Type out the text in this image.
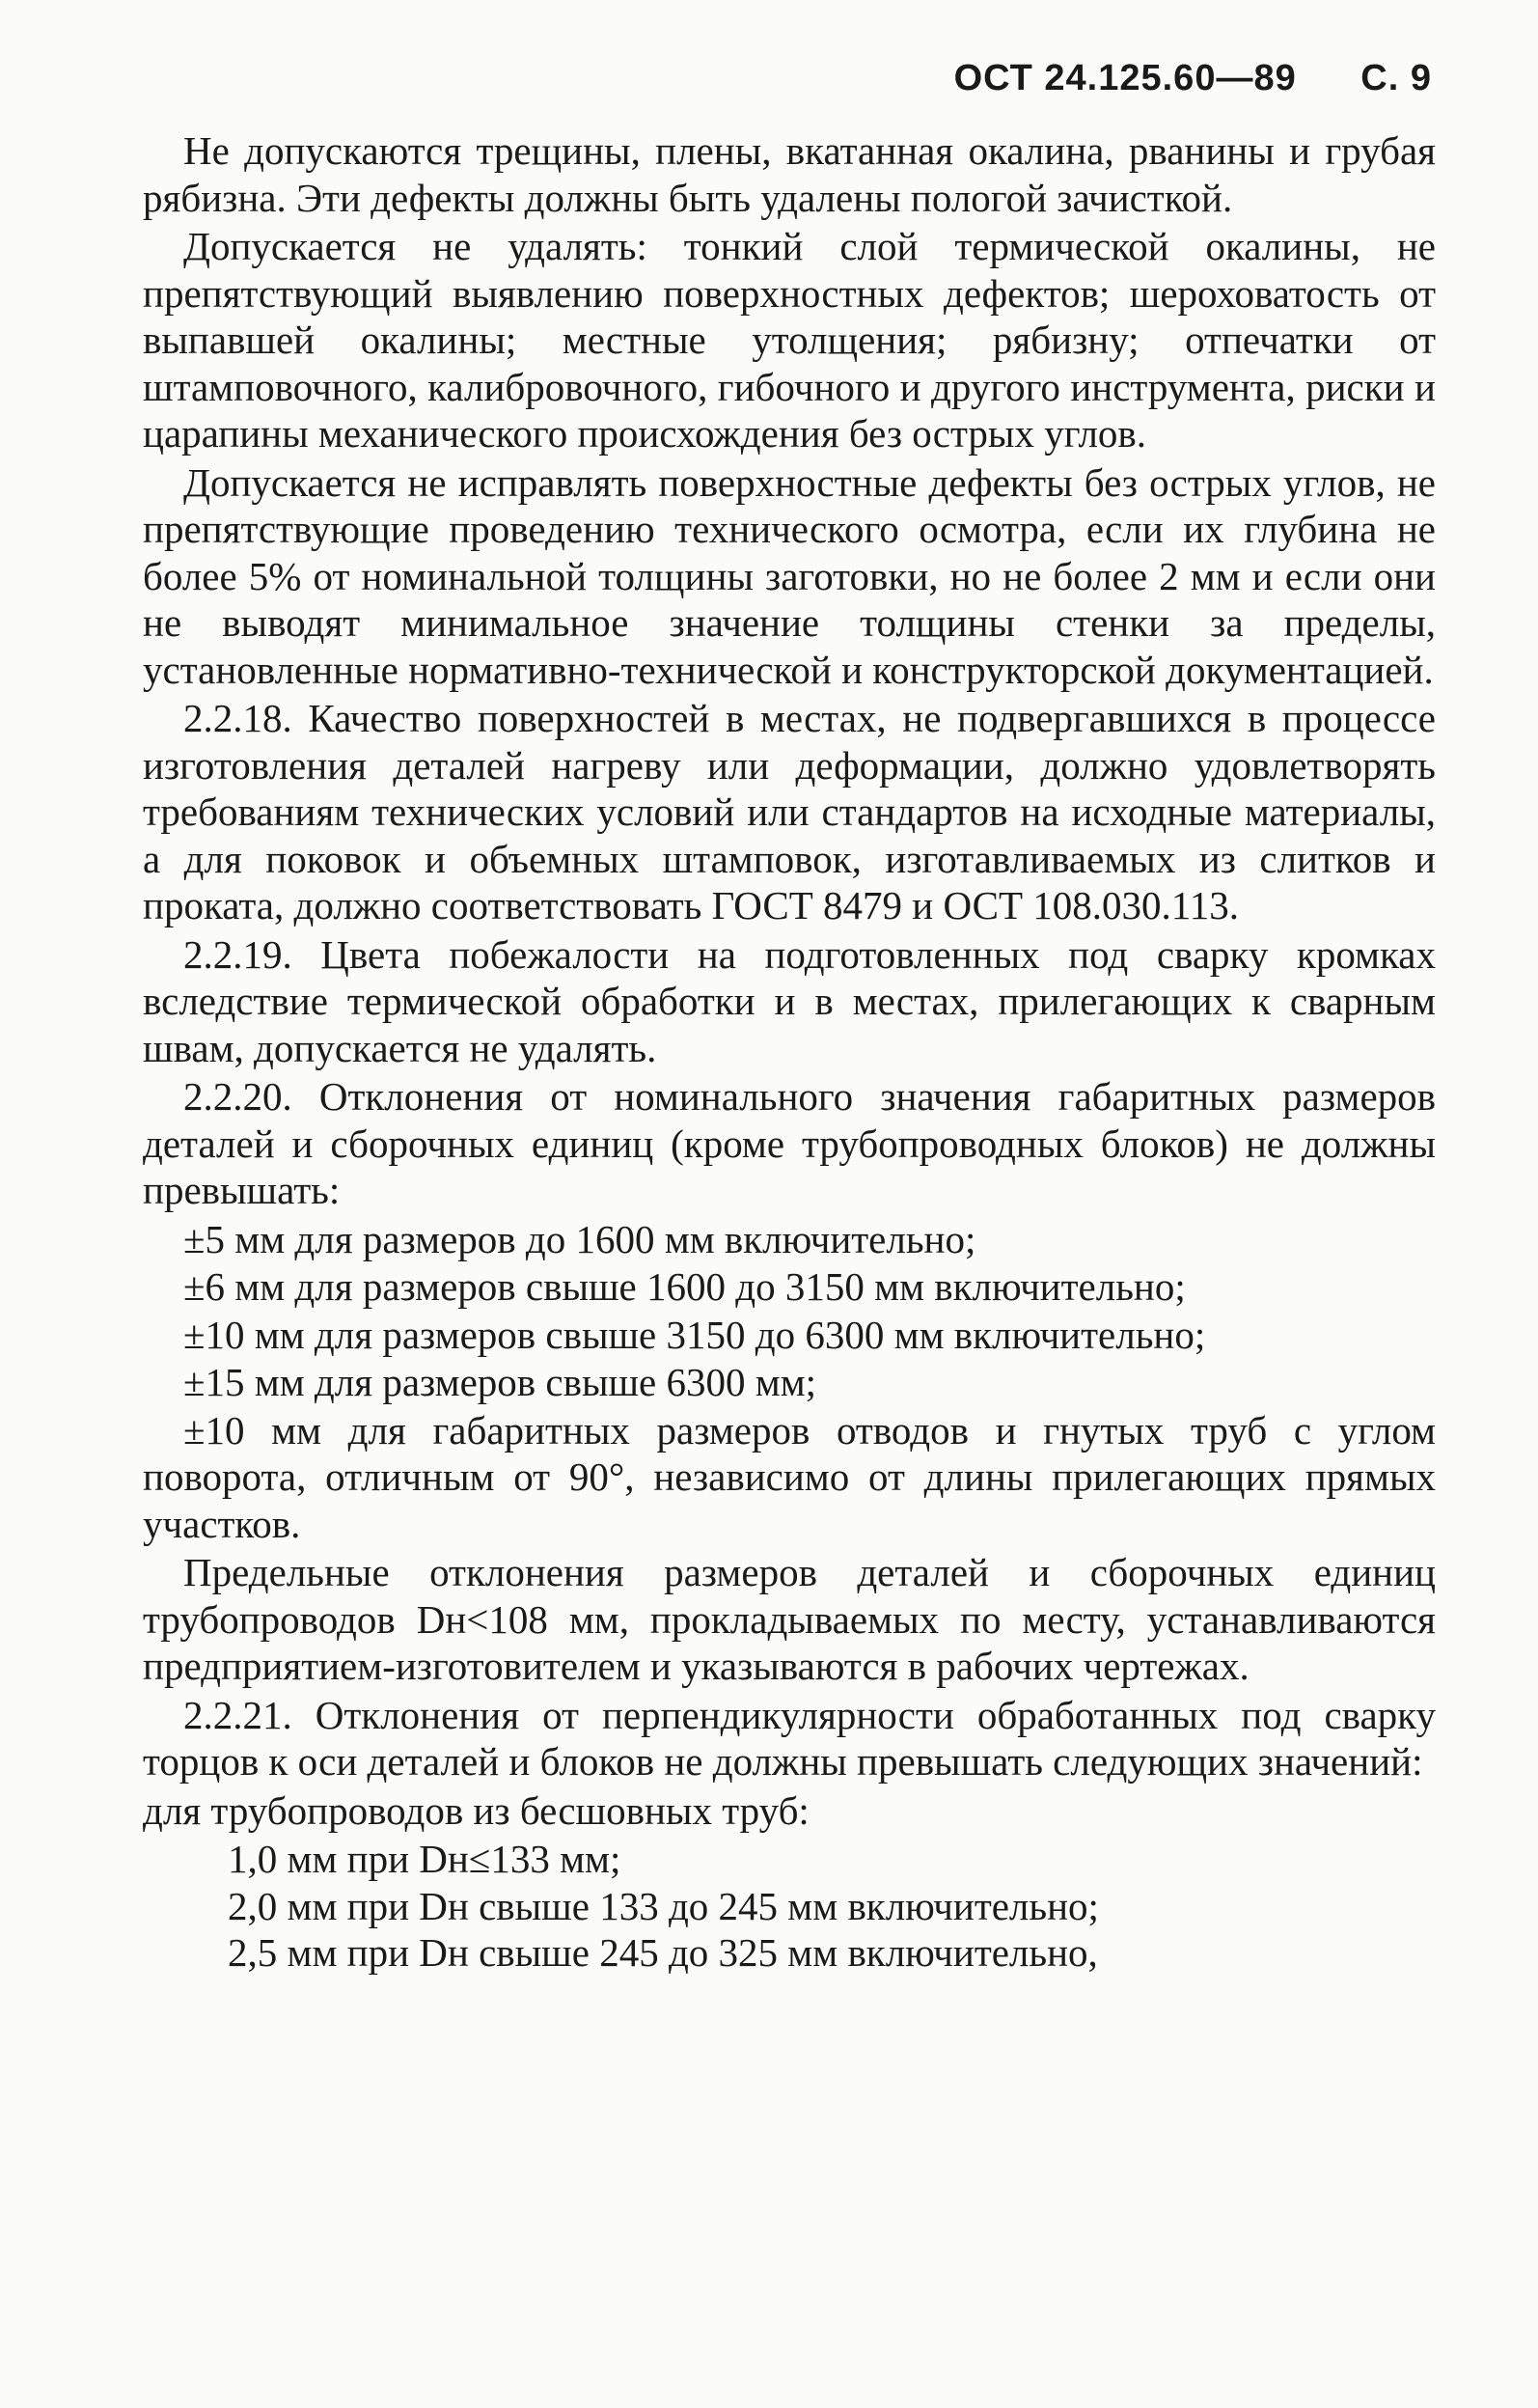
ОСТ 24.125.60—89 С. 9

Не допускаются трещины, плены, вкатанная окалина, рванины и грубая рябизна. Эти дефекты должны быть удалены пологой зачисткой.

Допускается не удалять: тонкий слой термической окалины, не препятствующий выявлению поверхностных дефектов; шероховатость от выпавшей окалины; местные утолщения; рябизну; отпечатки от штамповочного, калибровочного, гибочного и другого инструмента, риски и царапины механического происхождения без острых углов.

Допускается не исправлять поверхностные дефекты без острых углов, не препятствующие проведению технического осмотра, если их глубина не более 5% от номинальной толщины заготовки, но не более 2 мм и если они не выводят минимальное значение толщины стенки за пределы, установленные нормативно-технической и конструкторской документацией.

2.2.18. Качество поверхностей в местах, не подвергавшихся в процессе изготовления деталей нагреву или деформации, должно удовлетворять требованиям технических условий или стандартов на исходные материалы, а для поковок и объемных штамповок, изготавливаемых из слитков и проката, должно соответствовать ГОСТ 8479 и ОСТ 108.030.113.

2.2.19. Цвета побежалости на подготовленных под сварку кромках вследствие термической обработки и в местах, прилегающих к сварным швам, допускается не удалять.

2.2.20. Отклонения от номинального значения габаритных размеров деталей и сборочных единиц (кроме трубопроводных блоков) не должны превышать:

±5 мм для размеров до 1600 мм включительно;

±6 мм для размеров свыше 1600 до 3150 мм включительно;

±10 мм для размеров свыше 3150 до 6300 мм включительно;

±15 мм для размеров свыше 6300 мм;

±10 мм для габаритных размеров отводов и гнутых труб с углом поворота, отличным от 90°, независимо от длины прилегающих прямых участков.

Предельные отклонения размеров деталей и сборочных единиц трубопроводов Dн<108 мм, прокладываемых по месту, устанавливаются предприятием-изготовителем и указываются в рабочих чертежах.

2.2.21. Отклонения от перпендикулярности обработанных под сварку торцов к оси деталей и блоков не должны превышать следующих значений:

для трубопроводов из бесшовных труб:

1,0 мм при Dн≤133 мм;

2,0 мм при Dн свыше 133 до 245 мм включительно;

2,5 мм при Dн свыше 245 до 325 мм включительно,
